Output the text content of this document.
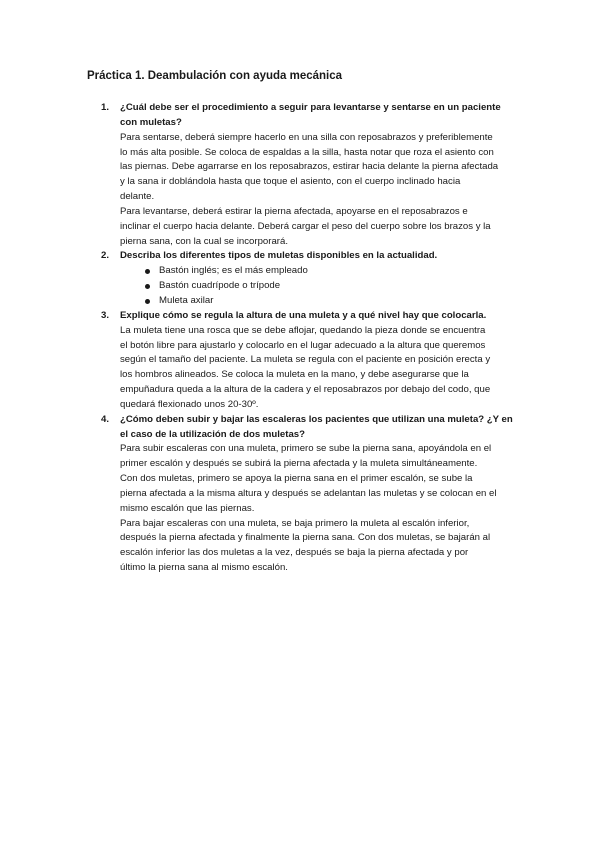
Práctica 1. Deambulación con ayuda mecánica
1. ¿Cuál debe ser el procedimiento a seguir para levantarse y sentarse en un paciente
con muletas?
Para sentarse, deberá siempre hacerlo en una silla con reposabrazos y preferiblemente
lo más alta posible. Se coloca de espaldas a la silla, hasta notar que roza el asiento con
las piernas. Debe agarrarse en los reposabrazos, estirar hacia delante la pierna afectada
y la sana ir doblándola hasta que toque el asiento, con el cuerpo inclinado hacia
delante.
Para levantarse, deberá estirar la pierna afectada, apoyarse en el reposabrazos e
inclinar el cuerpo hacia delante. Deberá cargar el peso del cuerpo sobre los brazos y la
pierna sana, con la cual se incorporará.
2. Describa los diferentes tipos de muletas disponibles en la actualidad.
Bastón inglés; es el más empleado
Bastón cuadrípode o trípode
Muleta axilar
3. Explique cómo se regula la altura de una muleta y a qué nivel hay que colocarla.
La muleta tiene una rosca que se debe aflojar, quedando la pieza donde se encuentra
el botón libre para ajustarlo y colocarlo en el lugar adecuado a la altura que queremos
según el tamaño del paciente. La muleta se regula con el paciente en posición erecta y
los hombros alineados. Se coloca la muleta en la mano, y debe asegurarse que la
empuñadura queda a la altura de la cadera y el reposabrazos por debajo del codo, que
quedará flexionado unos 20-30º.
4. ¿Cómo deben subir y bajar las escaleras los pacientes que utilizan una muleta? ¿Y en
el caso de la utilización de dos muletas?
Para subir escaleras con una muleta, primero se sube la pierna sana, apoyándola en el
primer escalón y después se subirá la pierna afectada y la muleta simultáneamente.
Con dos muletas, primero se apoya la pierna sana en el primer escalón, se sube la
pierna afectada a la misma altura y después se adelantan las muletas y se colocan en el
mismo escalón que las piernas.
Para bajar escaleras con una muleta, se baja primero la muleta al escalón inferior,
después la pierna afectada y finalmente la pierna sana. Con dos muletas, se bajarán al
escalón inferior las dos muletas a la vez, después se baja la pierna afectada y por
último la pierna sana al mismo escalón.
